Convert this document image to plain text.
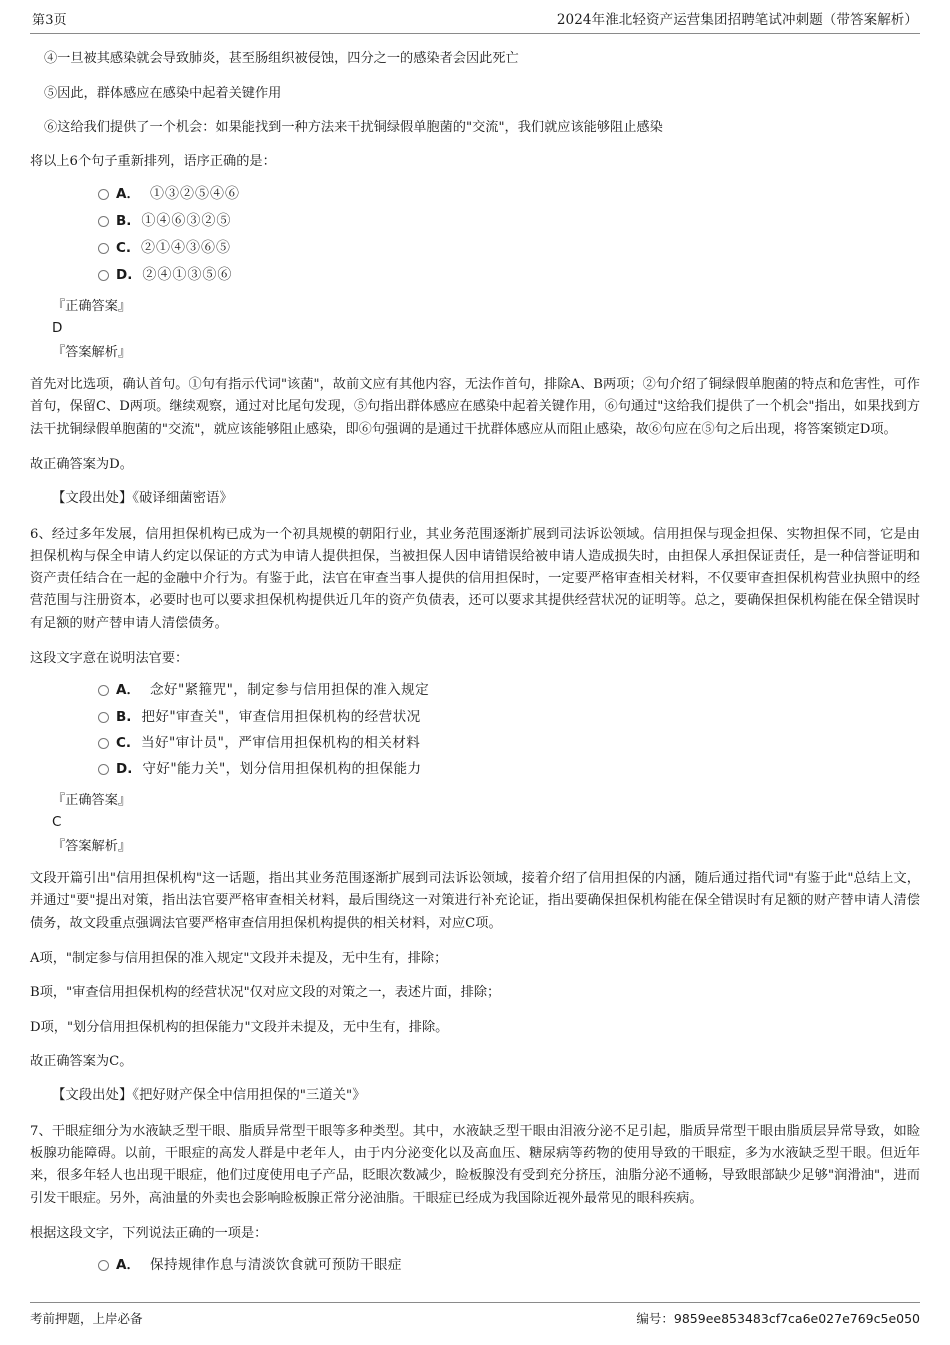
第3页	2024年淮北轻资产运营集团招聘笔试冲刺题（带答案解析）

④一旦被其感染就会导致肺炎，甚至肠组织被侵蚀，四分之一的感染者会因此死亡

⑤因此，群体感应在感染中起着关键作用

⑥这给我们提供了一个机会：如果能找到一种方法来干扰铜绿假单胞菌的"交流"，我们就应该能够阻止感染

将以上6个句子重新排列，语序正确的是：

A． ①③②⑤④⑥
B. ①④⑥③②⑤
C. ②①④③⑥⑤
D. ②④①③⑤⑥

『正确答案』

D

『答案解析』

首先对比选项，确认首句。①句有指示代词"该菌"，故前文应有其他内容，无法作首句，排除A、B两项；②句介绍了铜绿假单胞菌的特点和危害性，可作首句，保留C、D两项。继续观察，通过对比尾句发现，⑤句指出群体感应在感染中起着关键作用，⑥句通过"这给我们提供了一个机会"指出，如果找到方法干扰铜绿假单胞菌的"交流"，就应该能够阻止感染，即⑥句强调的是通过干扰群体感应从而阻止感染，故⑥句应在⑤句之后出现，将答案锁定D项。

故正确答案为D。

【文段出处】《破译细菌密语》

6、经过多年发展，信用担保机构已成为一个初具规模的朝阳行业，其业务范围逐渐扩展到司法诉讼领域。信用担保与现金担保、实物担保不同，它是由担保机构与保全申请人约定以保证的方式为申请人提供担保，当被担保人因申请错误给被申请人造成损失时，由担保人承担保证责任，是一种信誉证明和资产责任结合在一起的金融中介行为。有鉴于此，法官在审查当事人提供的信用担保时，一定要严格审查相关材料，不仅要审查担保机构营业执照中的经营范围与注册资本，必要时也可以要求担保机构提供近几年的资产负债表，还可以要求其提供经营状况的证明等。总之，要确保担保机构能在保全错误时有足额的财产替申请人清偿债务。

这段文字意在说明法官要：

A． 念好"紧箍咒"，制定参与信用担保的准入规定
B. 把好"审查关"，审查信用担保机构的经营状况
C. 当好"审计员"，严审信用担保机构的相关材料
D. 守好"能力关"，划分信用担保机构的担保能力

『正确答案』

C

『答案解析』

文段开篇引出"信用担保机构"这一话题，指出其业务范围逐渐扩展到司法诉讼领域，接着介绍了信用担保的内涵，随后通过指代词"有鉴于此"总结上文，并通过"要"提出对策，指出法官要严格审查相关材料，最后围绕这一对策进行补充论证，指出要确保担保机构能在保全错误时有足额的财产替申请人清偿债务，故文段重点强调法官要严格审查信用担保机构提供的相关材料，对应C项。

A项，"制定参与信用担保的准入规定"文段并未提及，无中生有，排除；

B项，"审查信用担保机构的经营状况"仅对应文段的对策之一，表述片面，排除；

D项，"划分信用担保机构的担保能力"文段并未提及，无中生有，排除。

故正确答案为C。

【文段出处】《把好财产保全中信用担保的"三道关"》

7、干眼症细分为水液缺乏型干眼、脂质异常型干眼等多种类型。其中，水液缺乏型干眼由泪液分泌不足引起，脂质异常型干眼由脂质层异常导致，如睑板腺功能障碍。以前，干眼症的高发人群是中老年人，由于内分泌变化以及高血压、糖尿病等药物的使用导致的干眼症，多为水液缺乏型干眼。但近年来，很多年轻人也出现干眼症，他们过度使用电子产品，眨眼次数减少，睑板腺没有受到充分挤压，油脂分泌不通畅，导致眼部缺少足够"润滑油"，进而引发干眼症。另外，高油量的外卖也会影响睑板腺正常分泌油脂。干眼症已经成为我国除近视外最常见的眼科疾病。

根据这段文字，下列说法正确的一项是：

A． 保持规律作息与清淡饮食就可预防干眼症
考前押题，上岸必备	编号：9859ee853483cf7ca6e027e769c5e050
